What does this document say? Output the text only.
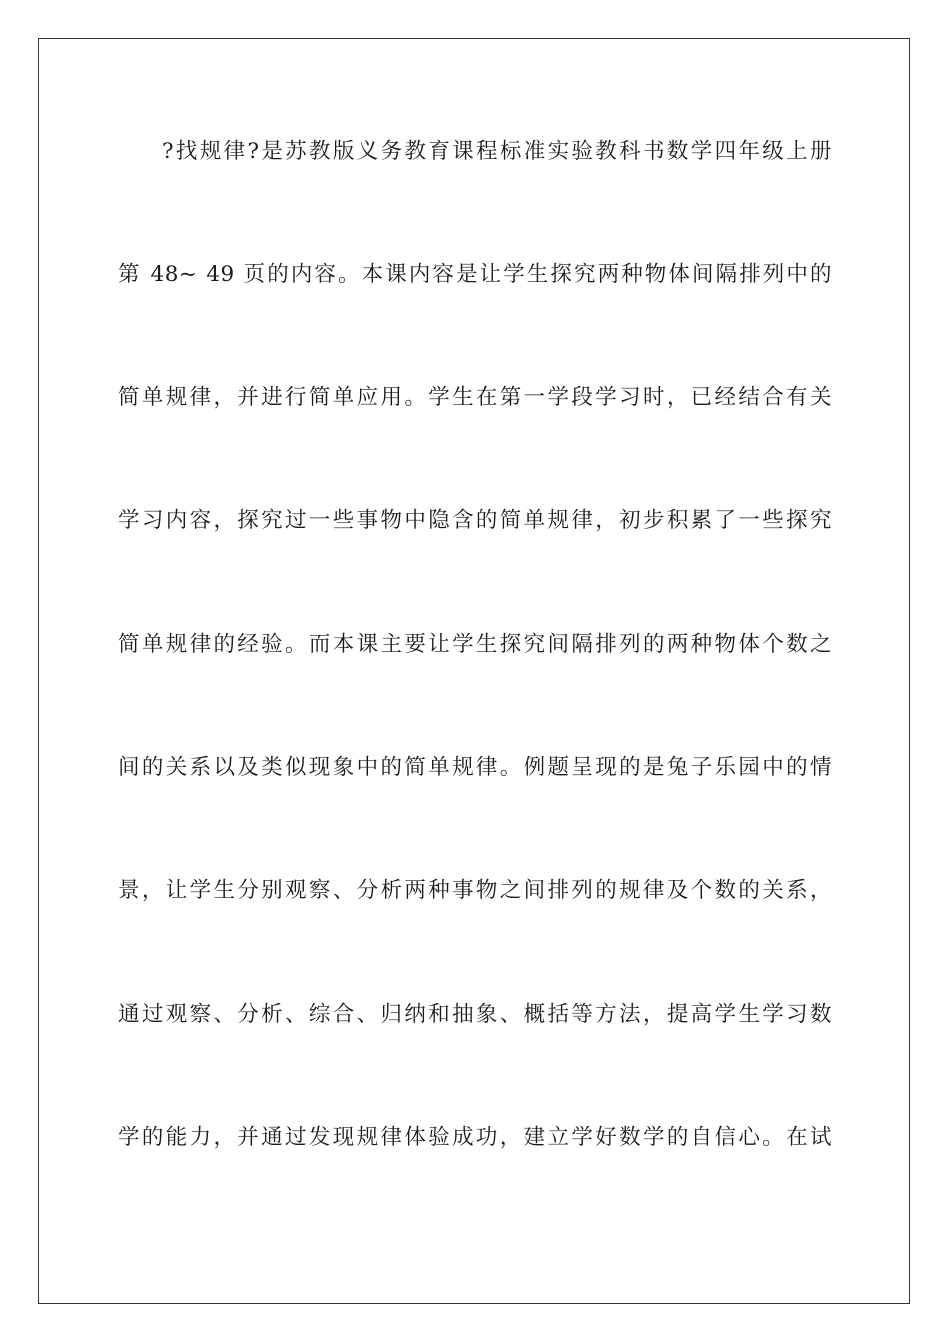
?找规律?是苏教版义务教育课程标准实验教科书数学四年级上册
第 48~ 49 页的内容。本课内容是让学生探究两种物体间隔排列中的
简单规律，并进行简单应用。学生在第一学段学习时，已经结合有关
学习内容，探究过一些事物中隐含的简单规律，初步积累了一些探究
简单规律的经验。而本课主要让学生探究间隔排列的两种物体个数之
间的关系以及类似现象中的简单规律。例题呈现的是兔子乐园中的情
景，让学生分别观察、分析两种事物之间排列的规律及个数的关系，
通过观察、分析、综合、归纳和抽象、概括等方法，提高学生学习数
学的能力，并通过发现规律体验成功，建立学好数学的自信心。在试
